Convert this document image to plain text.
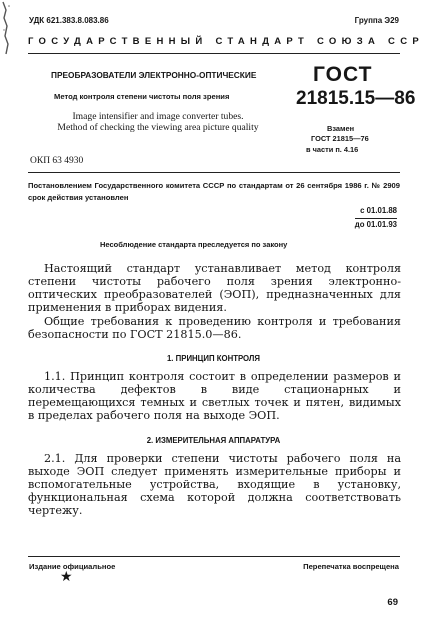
УДК 621.383.8.083.86	Группа Э29
ГОСУДАРСТВЕННЫЙ СТАНДАРТ СОЮЗА ССР
ПРЕОБРАЗОВАТЕЛИ ЭЛЕКТРОННО-ОПТИЧЕСКИЕ
Метод контроля степени чистоты поля зрения
Image intensifier and image converter tubes.
Method of checking the viewing area picture quality
ГОСТ
21815.15—86
Взамен
ГОСТ 21815—76
в части п. 4.16
ОКП 63 4930
Постановлением Государственного комитета СССР по стандартам от 26 сентября 1986 г. № 2909 срок действия установлен
с 01.01.88
до 01.01.93
Несоблюдение стандарта преследуется по закону
Настоящий стандарт устанавливает метод контроля степени чистоты рабочего поля зрения электронно-оптических преобразователей (ЭОП), предназначенных для применения в приборах видения.
Общие требования к проведению контроля и требования безопасности по ГОСТ 21815.0—86.
1. ПРИНЦИП КОНТРОЛЯ
1.1. Принцип контроля состоит в определении размеров и количества дефектов в виде стационарных и перемещающихся темных и светлых точек и пятен, видимых в пределах рабочего поля на выходе ЭОП.
2. ИЗМЕРИТЕЛЬНАЯ АППАРАТУРА
2.1. Для проверки степени чистоты рабочего поля на выходе ЭОП следует применять измерительные приборы и вспомогательные устройства, входящие в установку, функциональная схема которой должна соответствовать чертежу.
Издание официальное
★
Перепечатка воспрещена
69
